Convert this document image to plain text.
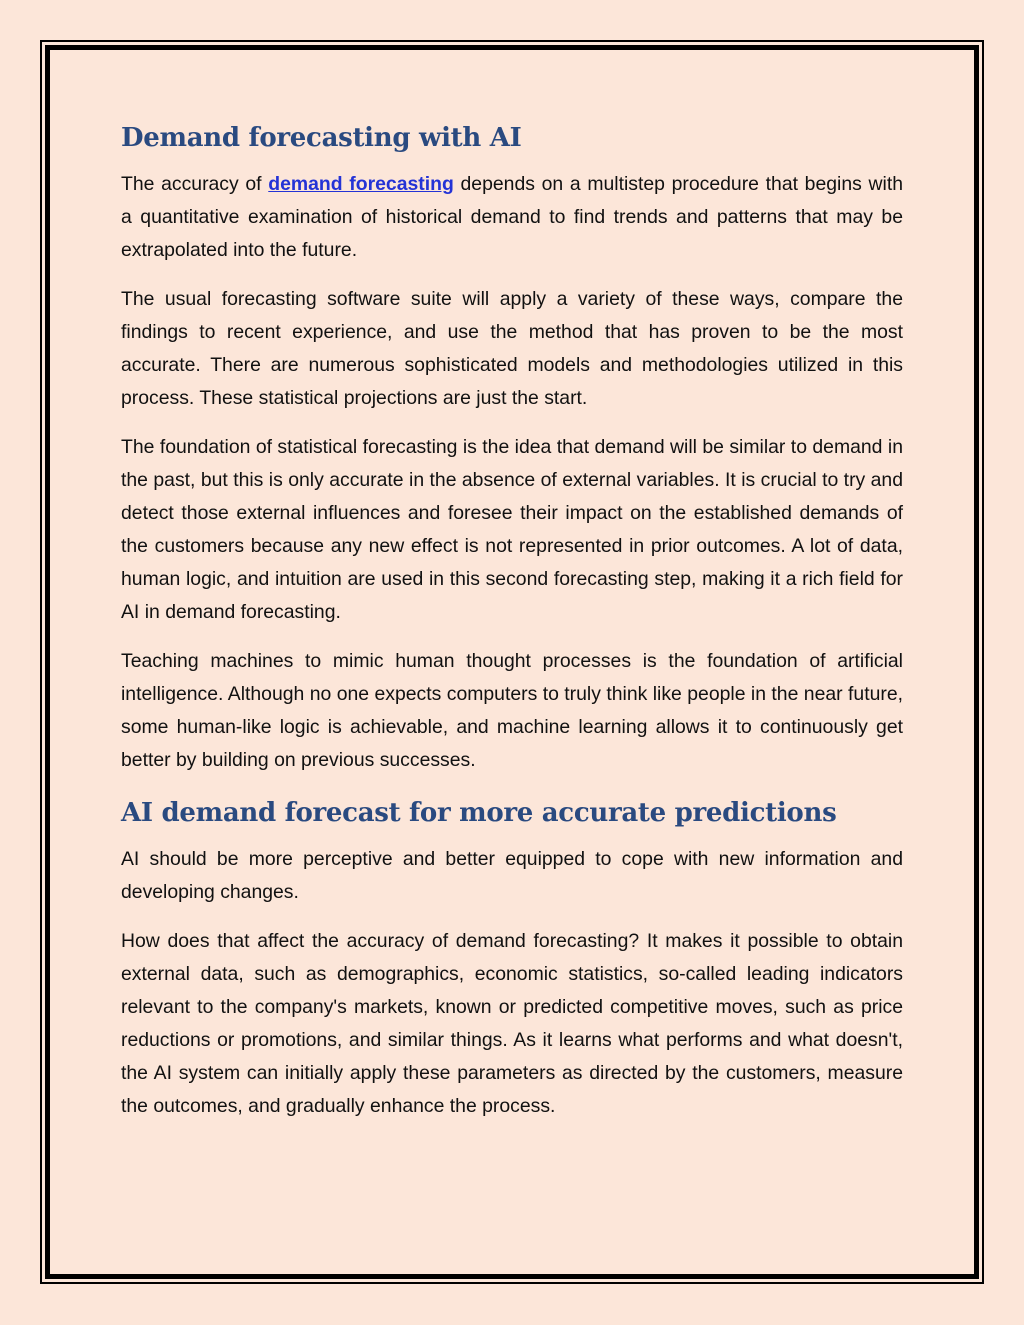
Demand forecasting with AI

The accuracy of demand forecasting depends on a multistep procedure that begins with a quantitative examination of historical demand to find trends and patterns that may be extrapolated into the future.

The usual forecasting software suite will apply a variety of these ways, compare the findings to recent experience, and use the method that has proven to be the most accurate. There are numerous sophisticated models and methodologies utilized in this process. These statistical projections are just the start.

The foundation of statistical forecasting is the idea that demand will be similar to demand in the past, but this is only accurate in the absence of external variables. It is crucial to try and detect those external influences and foresee their impact on the established demands of the customers because any new effect is not represented in prior outcomes. A lot of data, human logic, and intuition are used in this second forecasting step, making it a rich field for AI in demand forecasting.

Teaching machines to mimic human thought processes is the foundation of artificial intelligence. Although no one expects computers to truly think like people in the near future, some human-like logic is achievable, and machine learning allows it to continuously get better by building on previous successes.

AI demand forecast for more accurate predictions

AI should be more perceptive and better equipped to cope with new information and developing changes.

How does that affect the accuracy of demand forecasting? It makes it possible to obtain external data, such as demographics, economic statistics, so-called leading indicators relevant to the company's markets, known or predicted competitive moves, such as price reductions or promotions, and similar things. As it learns what performs and what doesn't, the AI system can initially apply these parameters as directed by the customers, measure the outcomes, and gradually enhance the process.
